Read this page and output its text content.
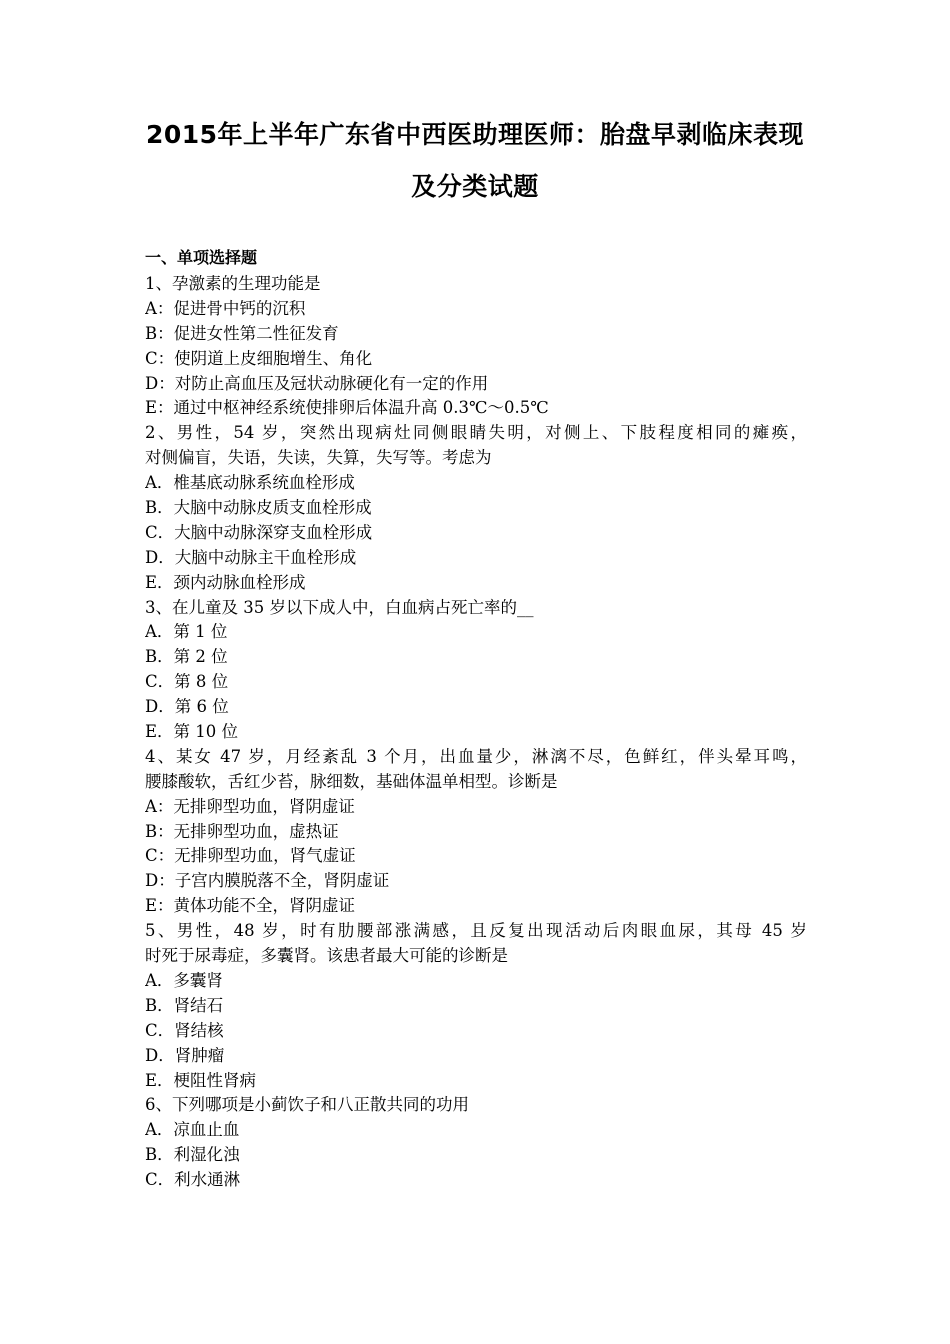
2015年上半年广东省中西医助理医师：胎盘早剥临床表现
及分类试题
一、单项选择题
1、孕激素的生理功能是
A：促进骨中钙的沉积
B：促进女性第二性征发育
C：使阴道上皮细胞增生、角化
D：对防止高血压及冠状动脉硬化有一定的作用
E：通过中枢神经系统使排卵后体温升高 0.3℃～0.5℃
2、男性，54 岁，突然出现病灶同侧眼睛失明，对侧上、下肢程度相同的瘫痪，
对侧偏盲，失语，失读，失算，失写等。考虑为
A．椎基底动脉系统血栓形成
B．大脑中动脉皮质支血栓形成
C．大脑中动脉深穿支血栓形成
D．大脑中动脉主干血栓形成
E．颈内动脉血栓形成
3、在儿童及 35 岁以下成人中，白血病占死亡率的__
A．第 1 位
B．第 2 位
C．第 8 位
D．第 6 位
E．第 10 位
4、某女 47 岁，月经紊乱 3 个月，出血量少，淋漓不尽，色鲜红，伴头晕耳鸣，
腰膝酸软，舌红少苔，脉细数，基础体温单相型。诊断是
A：无排卵型功血，肾阴虚证
B：无排卵型功血，虚热证
C：无排卵型功血，肾气虚证
D：子宫内膜脱落不全，肾阴虚证
E：黄体功能不全，肾阴虚证
5、男性，48 岁，时有肋腰部涨满感，且反复出现活动后肉眼血尿，其母 45 岁
时死于尿毒症，多囊肾。该患者最大可能的诊断是
A．多囊肾
B．肾结石
C．肾结核
D．肾肿瘤
E．梗阻性肾病
6、下列哪项是小蓟饮子和八正散共同的功用
A．凉血止血
B．利湿化浊
C．利水通淋
